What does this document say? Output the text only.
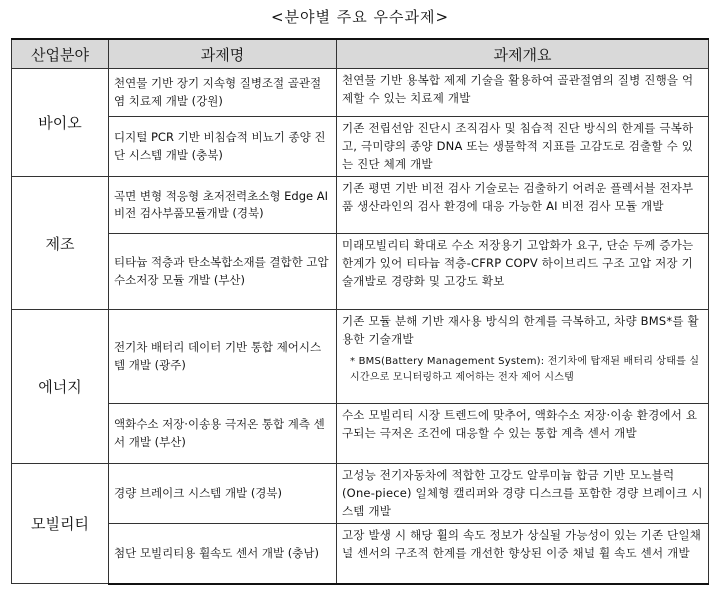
<분야별 주요 우수과제>
산업분야	과제명	과제개요
바이오	천연물 기반 장기 지속형 질병조절 골관절염 치료제 개발 (강원)	천연물 기반 용복합 제제 기술을 활용하여 골관절염의 질병 진행을 억제할 수 있는 치료제 개발
	디지털 PCR 기반 비침습적 비뇨기 종양 진단 시스템 개발 (충북)	기존 전립선암 진단시 조직검사 및 침습적 진단 방식의 한계를 극복하고, 극미량의 종양 DNA 또는 생물학적 지표를 고감도로 검출할 수 있는 진단 체계 개발
제조	곡면 변형 적응형 초저전력초소형 Edge AI비전 검사부품모듈개발 (경북)	기존 평면 기반 비전 검사 기술로는 검출하기 어려운 플렉서블 전자부품 생산라인의 검사 환경에 대응 가능한 AI 비전 검사 모듈 개발
	티타늄 적층과 탄소복합소재를 결합한 고압 수소저장 모듈 개발 (부산)	미래모빌리티 확대로 수소 저장용기 고압화가 요구, 단순 두께 증가는 한계가 있어 티타늄 적층-CFRP COPV 하이브리드 구조 고압 저장 기술개발로 경량화 및 고강도 확보
에너지	전기차 배터리 데이터 기반 통합 제어시스템 개발 (광주)	기존 모듈 분해 기반 재사용 방식의 한계를 극복하고, 차량 BMS*를 활용한 기술개발
* BMS(Battery Management System): 전기차에 탑재된 배터리 상태를 실시간으로 모니터링하고 제어하는 전자 제어 시스템

	액화수소 저장·이송용 극저온 통합 계측 센서 개발 (부산)	수소 모빌리티 시장 트렌드에 맞추어, 액화수소 저장·이송 환경에서 요구되는 극저온 조건에 대응할 수 있는 통합 계측 센서 개발
모빌리티	경량 브레이크 시스템 개발 (경북)	고성능 전기자동차에 적합한 고강도 알루미늄 합금 기반 모노블럭(One-piece) 일체형 캘리퍼와 경량 디스크를 포함한 경량 브레이크 시스템 개발
	첨단 모빌리티용 휠속도 센서 개발 (충남)	고장 발생 시 해당 휠의 속도 정보가 상실될 가능성이 있는 기존 단일채널 센서의 구조적 한계를 개선한 향상된 이중 채널 휠 속도 센서 개발
